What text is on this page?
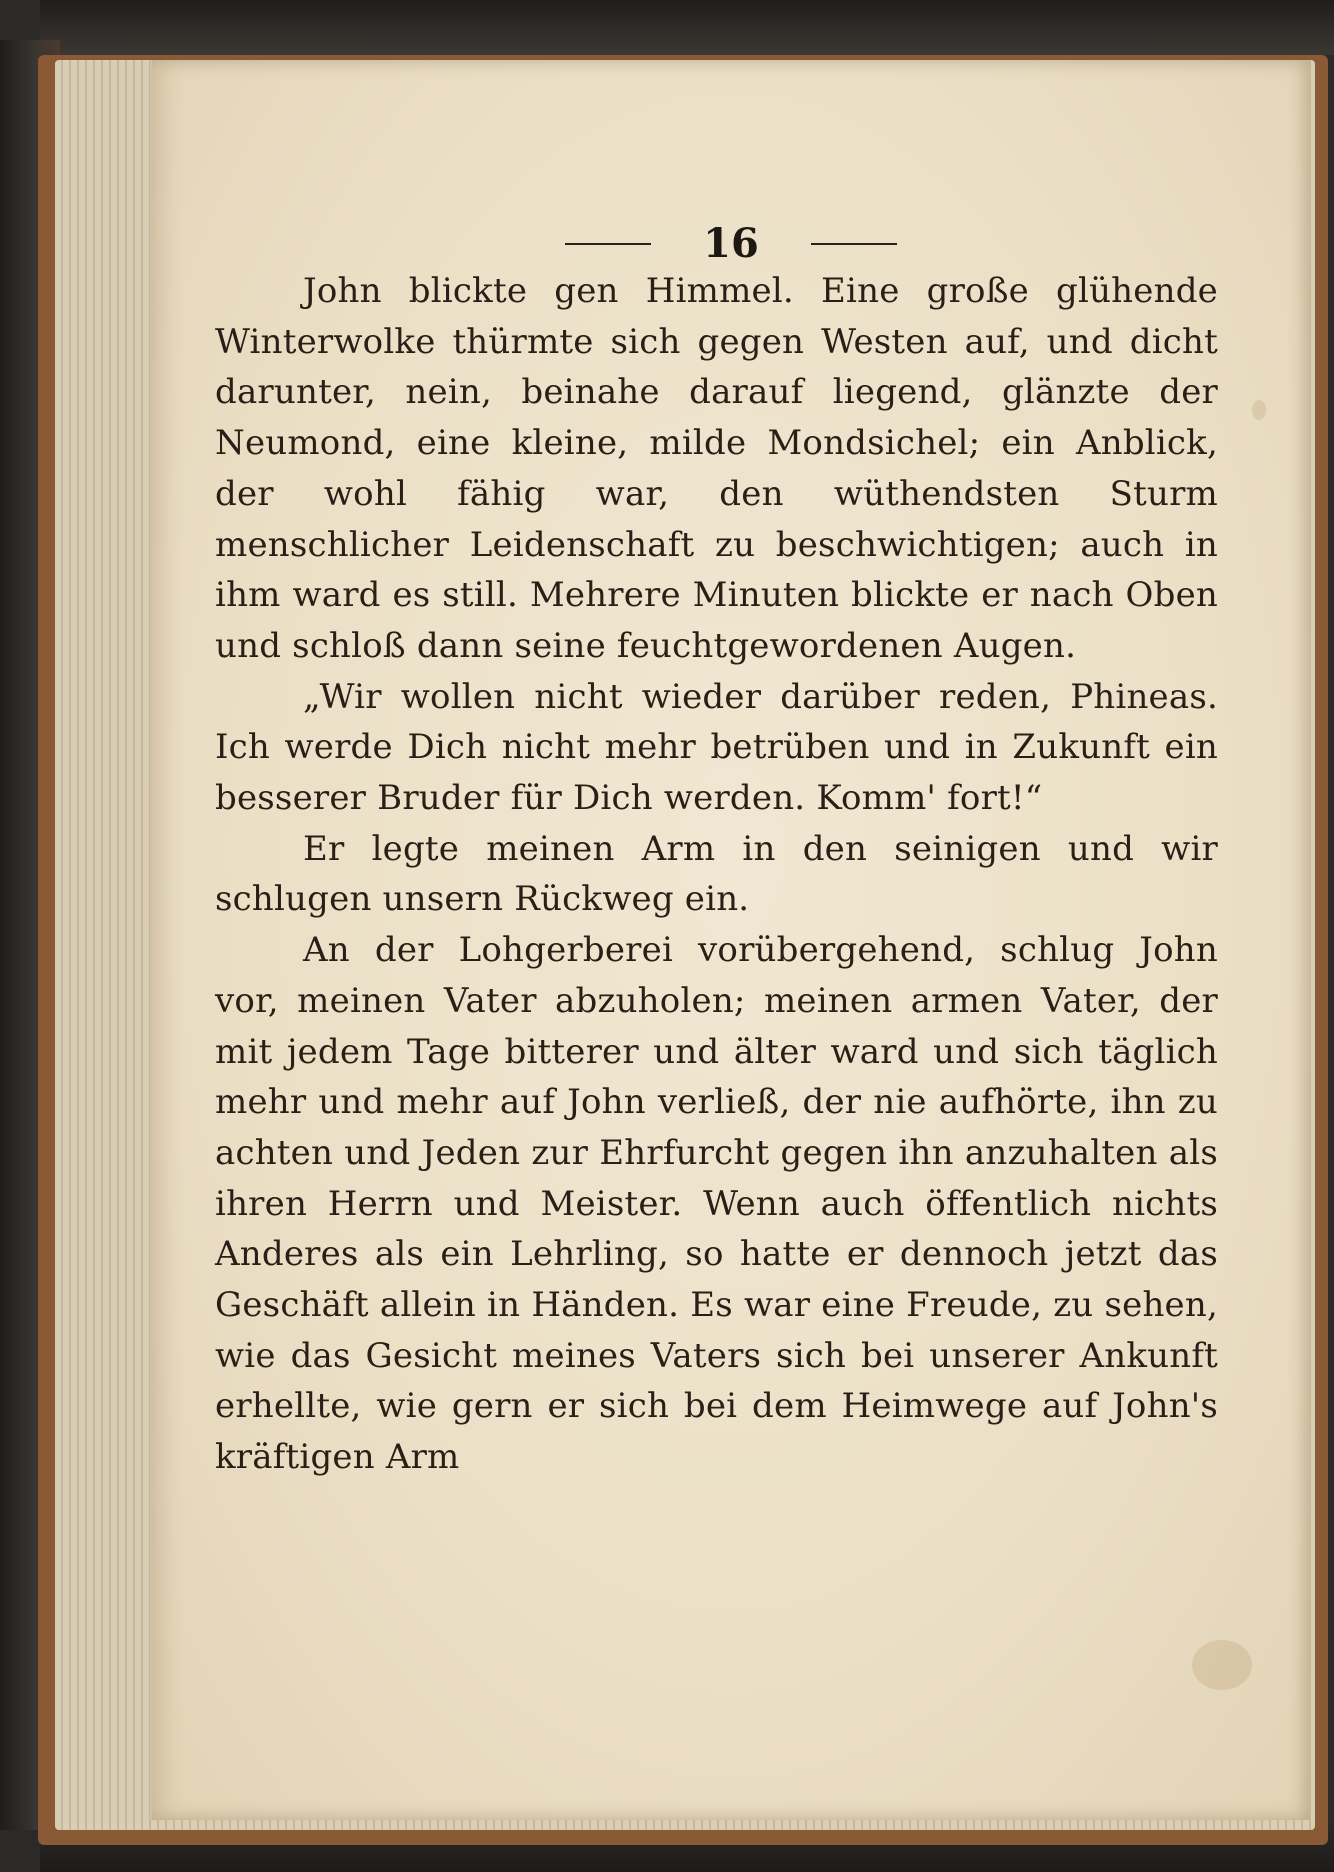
16

John blickte gen Himmel. Eine große glühende Winterwolke thürmte sich gegen Westen auf, und dicht darunter, nein, beinahe darauf liegend, glänzte der Neumond, eine kleine, milde Mondsichel; ein Anblick, der wohl fähig war, den wüthendsten Sturm menschlicher Leidenschaft zu beschwichtigen; auch in ihm ward es still. Mehrere Minuten blickte er nach Oben und schloß dann seine feuchtgewordenen Augen.

„Wir wollen nicht wieder darüber reden, Phineas. Ich werde Dich nicht mehr betrüben und in Zukunft ein besserer Bruder für Dich werden. Komm' fort!“

Er legte meinen Arm in den seinigen und wir schlugen unsern Rückweg ein.

An der Lohgerberei vorübergehend, schlug John vor, meinen Vater abzuholen; meinen armen Vater, der mit jedem Tage bitterer und älter ward und sich täglich mehr und mehr auf John verließ, der nie aufhörte, ihn zu achten und Jeden zur Ehrfurcht gegen ihn anzuhalten als ihren Herrn und Meister. Wenn auch öffentlich nichts Anderes als ein Lehrling, so hatte er dennoch jetzt das Geschäft allein in Händen. Es war eine Freude, zu sehen, wie das Gesicht meines Vaters sich bei unserer Ankunft erhellte, wie gern er sich bei dem Heimwege auf John's kräftigen Arm
